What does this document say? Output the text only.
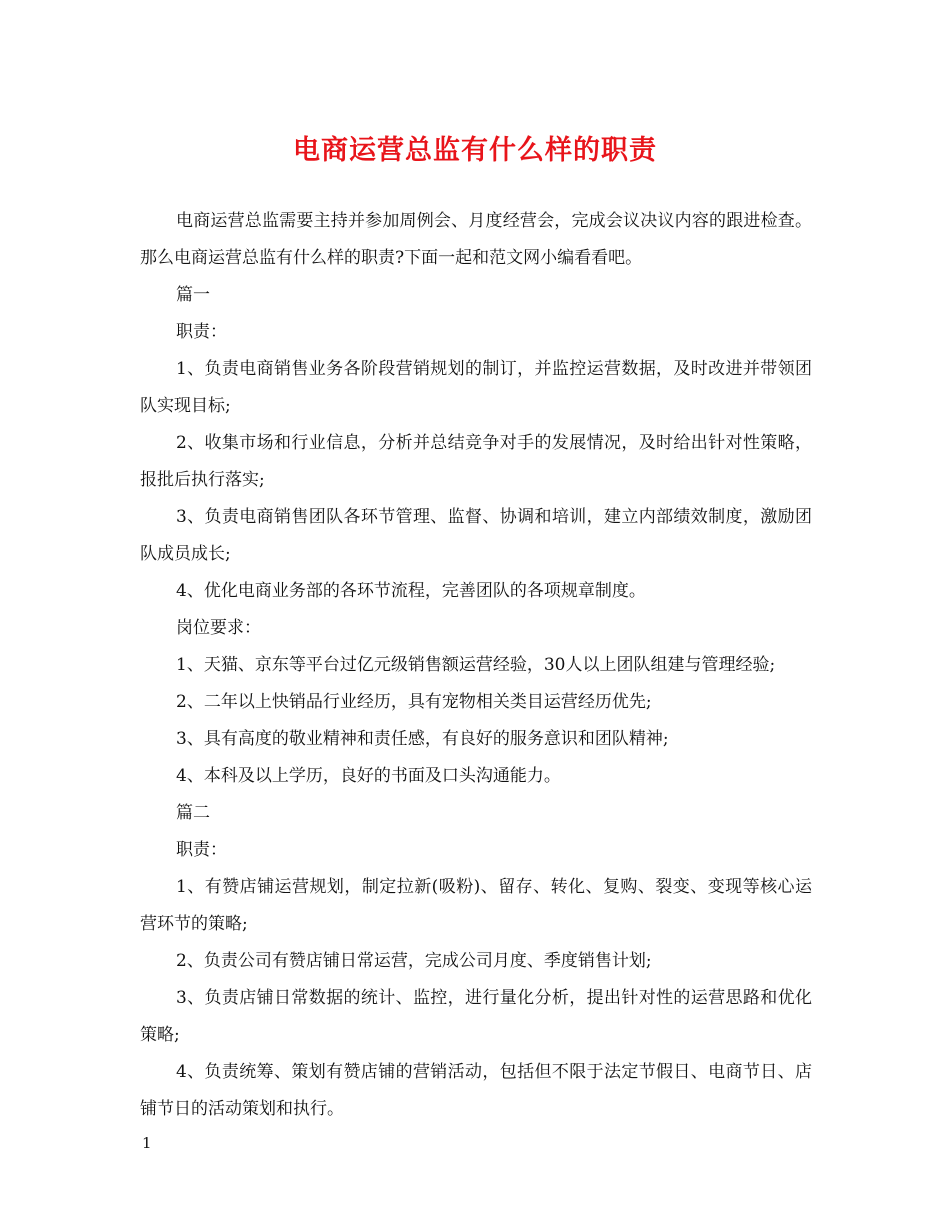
电商运营总监有什么样的职责

电商运营总监需要主持并参加周例会、月度经营会，完成会议决议内容的跟进检查。那么电商运营总监有什么样的职责?下面一起和范文网小编看看吧。

篇一

职责：

1、负责电商销售业务各阶段营销规划的制订，并监控运营数据，及时改进并带领团队实现目标;

2、收集市场和行业信息，分析并总结竞争对手的发展情况，及时给出针对性策略，报批后执行落实;

3、负责电商销售团队各环节管理、监督、协调和培训，建立内部绩效制度，激励团队成员成长;

4、优化电商业务部的各环节流程，完善团队的各项规章制度。

岗位要求：

1、天猫、京东等平台过亿元级销售额运营经验，30人以上团队组建与管理经验;

2、二年以上快销品行业经历，具有宠物相关类目运营经历优先;

3、具有高度的敬业精神和责任感，有良好的服务意识和团队精神;

4、本科及以上学历，良好的书面及口头沟通能力。

篇二

职责：

1、有赞店铺运营规划，制定拉新(吸粉)、留存、转化、复购、裂变、变现等核心运营环节的策略;

2、负责公司有赞店铺日常运营，完成公司月度、季度销售计划;

3、负责店铺日常数据的统计、监控，进行量化分析，提出针对性的运营思路和优化策略;

4、负责统筹、策划有赞店铺的营销活动，包括但不限于法定节假日、电商节日、店铺节日的活动策划和执行。

1
